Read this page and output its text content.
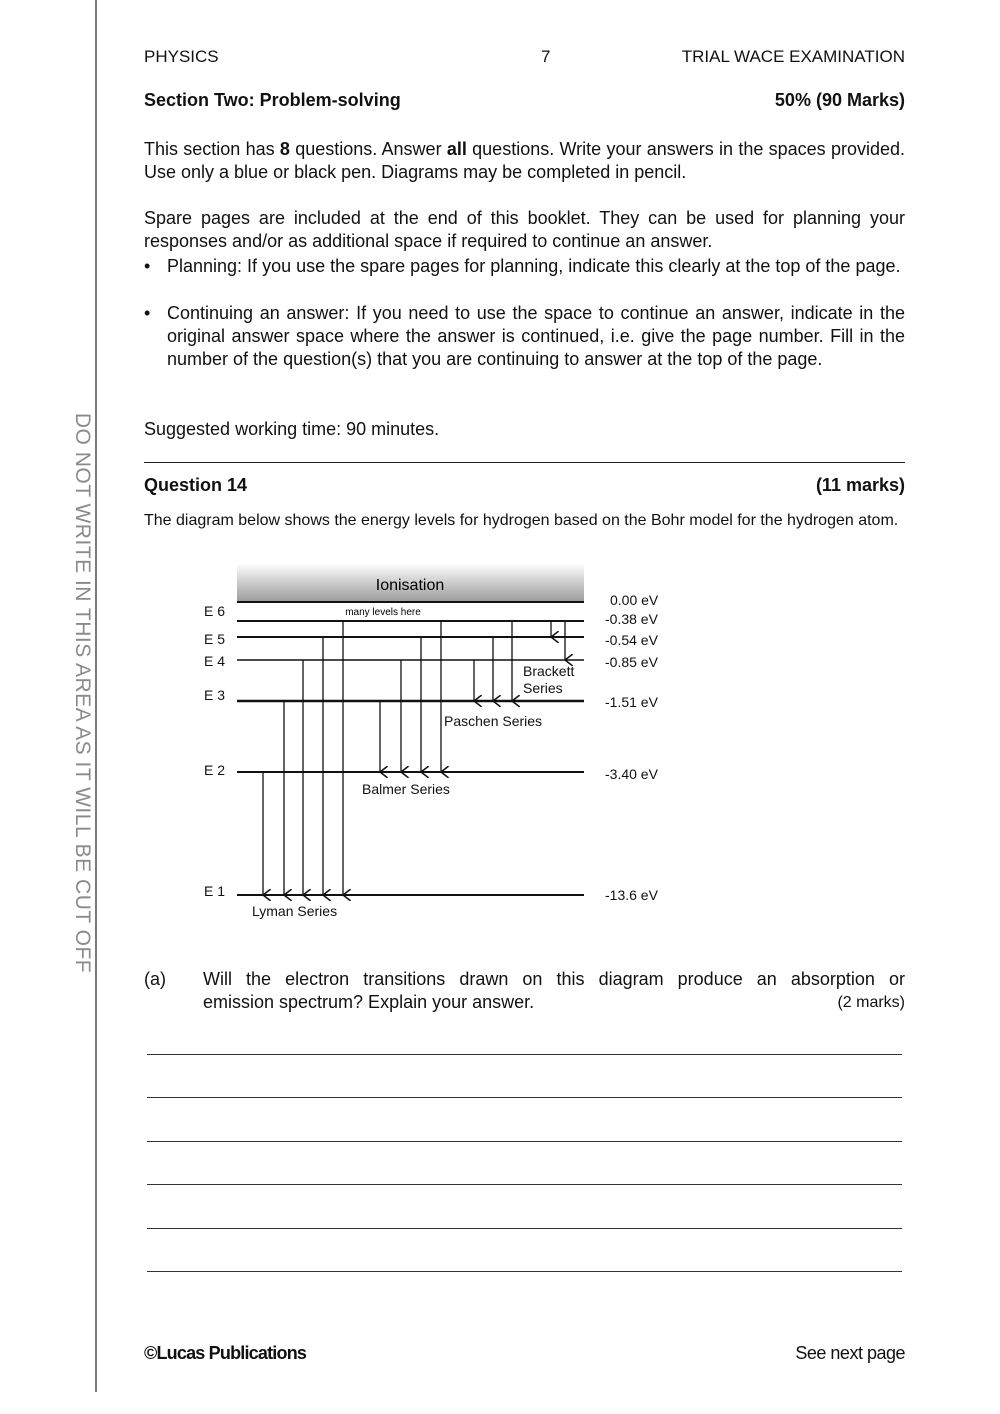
DO NOT WRITE IN THIS AREA AS IT WILL BE CUT OFF
PHYSICS	7	TRIAL WACE EXAMINATION
Section Two: Problem-solving	50% (90 Marks)
This section has 8 questions. Answer all questions. Write your answers in the spaces provided. Use only a blue or black pen. Diagrams may be completed in pencil.
Spare pages are included at the end of this booklet. They can be used for planning your responses and/or as additional space if required to continue an answer.
• Planning: If you use the spare pages for planning, indicate this clearly at the top of the page.
• Continuing an answer: If you need to use the space to continue an answer, indicate in the original answer space where the answer is continued, i.e. give the page number. Fill in the number of the question(s) that you are continuing to answer at the top of the page.
Suggested working time: 90 minutes.
Question 14	(11 marks)
The diagram below shows the energy levels for hydrogen based on the Bohr model for the hydrogen atom.
Ionisation
many levels here
E 6
E 5
E 4
E 3
E 2
E 1
0.00 eV
-0.38 eV
-0.54 eV
-0.85 eV
-1.51 eV
-3.40 eV
-13.6 eV
Lyman Series
Balmer Series
Paschen Series
Brackett
Series
(a) Will the electron transitions drawn on this diagram produce an absorption or
emission spectrum? Explain your answer.	(2 marks)
©Lucas Publications	See next page
